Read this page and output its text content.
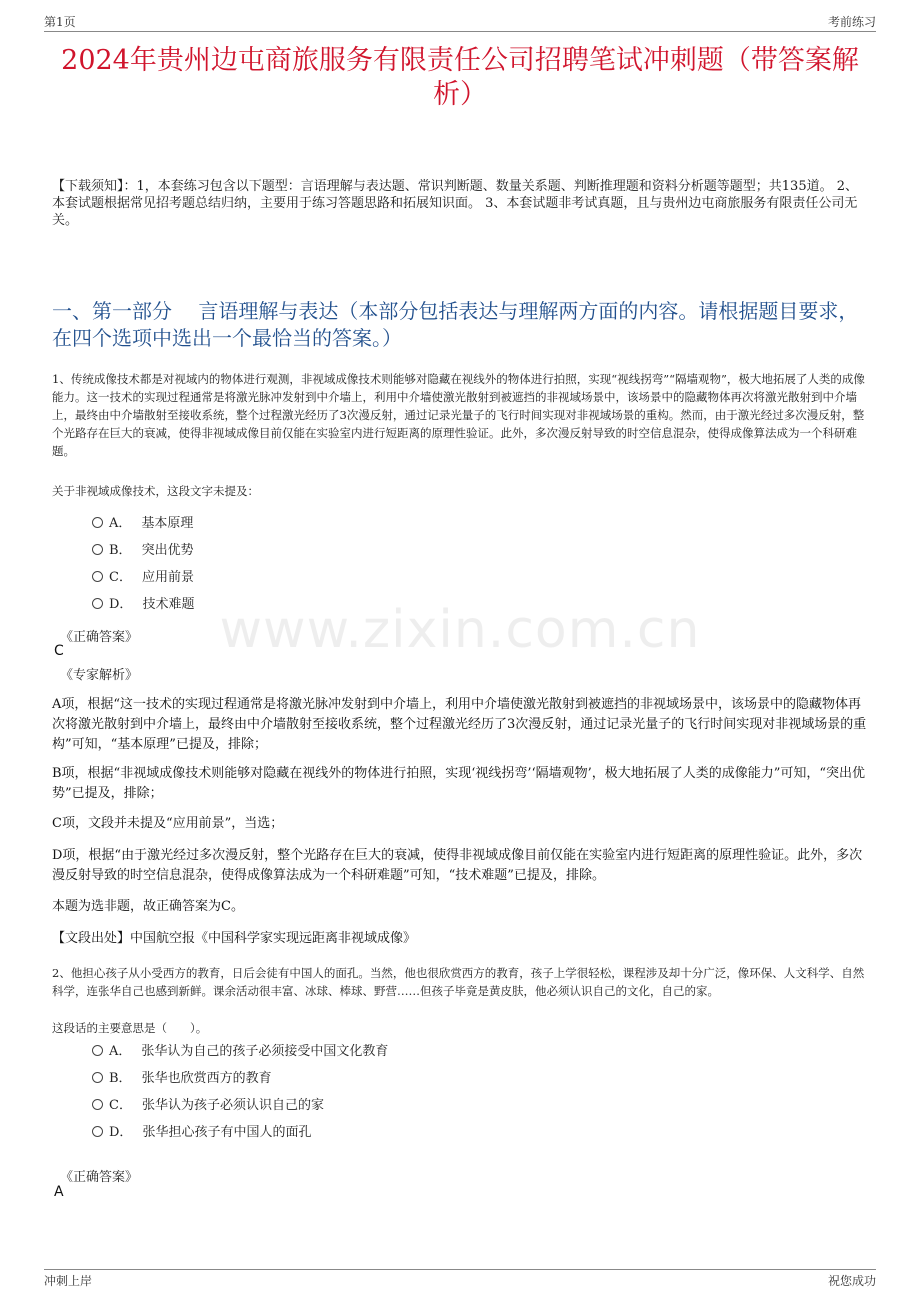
第1页	考前练习
2024年贵州边屯商旅服务有限责任公司招聘笔试冲刺题（带答案解析）
【下载须知】：1，本套练习包含以下题型：言语理解与表达题、常识判断题、数量关系题、判断推理题和资料分析题等题型；共135道。 2、本套试题根据常见招考题总结归纳，主要用于练习答题思路和拓展知识面。 3、本套试题非考试真题，且与贵州边屯商旅服务有限责任公司无关。
一、第一部分　 言语理解与表达（本部分包括表达与理解两方面的内容。请根据题目要求，在四个选项中选出一个最恰当的答案。）
www.zixin.com.cn
1、传统成像技术都是对视域内的物体进行观测，非视域成像技术则能够对隐藏在视线外的物体进行拍照，实现“视线拐弯”“隔墙观物”，极大地拓展了人类的成像能力。这一技术的实现过程通常是将激光脉冲发射到中介墙上，利用中介墙使激光散射到被遮挡的非视域场景中，该场景中的隐藏物体再次将激光散射到中介墙上，最终由中介墙散射至接收系统，整个过程激光经历了3次漫反射，通过记录光量子的飞行时间实现对非视域场景的重构。然而，由于激光经过多次漫反射，整个光路存在巨大的衰减，使得非视域成像目前仅能在实验室内进行短距离的原理性验证。此外，多次漫反射导致的时空信息混杂，使得成像算法成为一个科研难题。
关于非视域成像技术，这段文字未提及：
A． 基本原理
B． 突出优势
C． 应用前景
D． 技术难题
《正确答案》
C
《专家解析》
A项，根据“这一技术的实现过程通常是将激光脉冲发射到中介墙上，利用中介墙使激光散射到被遮挡的非视域场景中，该场景中的隐藏物体再次将激光散射到中介墙上，最终由中介墙散射至接收系统，整个过程激光经历了3次漫反射，通过记录光量子的飞行时间实现对非视域场景的重构”可知，“基本原理”已提及，排除；
B项，根据“非视域成像技术则能够对隐藏在视线外的物体进行拍照，实现‘视线拐弯’‘隔墙观物’，极大地拓展了人类的成像能力”可知，“突出优势”已提及，排除；
C项，文段并未提及“应用前景”，当选；
D项，根据“由于激光经过多次漫反射，整个光路存在巨大的衰减，使得非视域成像目前仅能在实验室内进行短距离的原理性验证。此外，多次漫反射导致的时空信息混杂，使得成像算法成为一个科研难题”可知，“技术难题”已提及，排除。
本题为选非题，故正确答案为C。
【文段出处】中国航空报《中国科学家实现远距离非视域成像》
2、他担心孩子从小受西方的教育，日后会徒有中国人的面孔。当然，他也很欣赏西方的教育，孩子上学很轻松，课程涉及却十分广泛，像环保、人文科学、自然科学，连张华自己也感到新鲜。课余活动很丰富、冰球、棒球、野营……但孩子毕竟是黄皮肤，他必须认识自己的文化，自己的家。
这段话的主要意思是（　　）。
A． 张华认为自己的孩子必须接受中国文化教育
B． 张华也欣赏西方的教育
C． 张华认为孩子必须认识自己的家
D． 张华担心孩子有中国人的面孔
《正确答案》
A
冲刺上岸	祝您成功
